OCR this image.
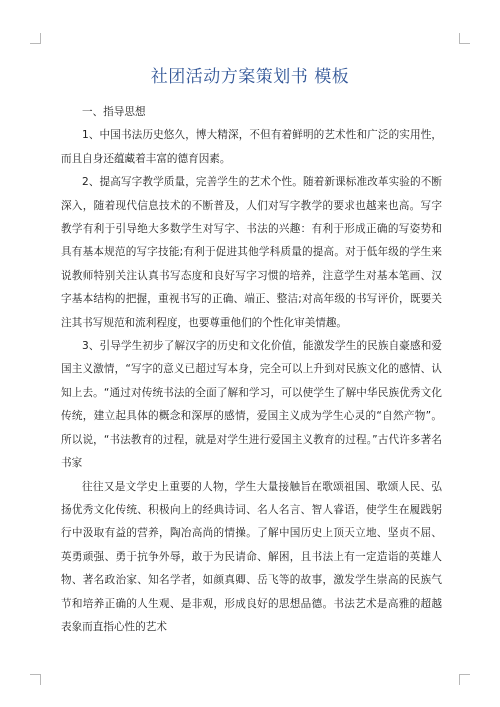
社团活动方案策划书 模板

一、指导思想

1、中国书法历史悠久，博大精深，不但有着鲜明的艺术性和广泛的实用性，而且自身还蕴藏着丰富的德育因素。

2、提高写字教学质量，完善学生的艺术个性。随着新课标准改革实验的不断深入，随着现代信息技术的不断普及，人们对写字教学的要求也越来也高。写字教学有利于引导绝大多数学生对写字、书法的兴趣：有利于形成正确的写姿势和具有基本规范的写字技能;有利于促进其他学科质量的提高。对于低年级的学生来说教师特别关注认真书写态度和良好写字习惯的培养，注意学生对基本笔画、汉字基本结构的把握，重视书写的正确、端正、整洁;对高年级的书写评价，既要关注其书写规范和流利程度，也要尊重他们的个性化审美情趣。

3、引导学生初步了解汉字的历史和文化价值，能激发学生的民族自豪感和爱国主义激情，“写字的意义已超过写本身，完全可以上升到对民族文化的感情、认知上去。“通过对传统书法的全面了解和学习，可以使学生了解中华民族优秀文化传统，建立起具体的概念和深厚的感情，爱国主义成为学生心灵的“自然产物”。所以说，“书法教育的过程，就是对学生进行爱国主义教育的过程。”古代许多著名书家

往往又是文学史上重要的人物，学生大量接触旨在歌颂祖国、歌颂人民、弘扬优秀文化传统、积极向上的经典诗词、名人名言、智人睿语，使学生在履践躬行中汲取有益的营养，陶冶高尚的情操。了解中国历史上顶天立地、坚贞不屈、英勇顽强、勇于抗争外辱，敢于为民请命、解困，且书法上有一定造诣的英雄人物、著名政治家、知名学者，如颜真卿、岳飞等的故事，激发学生崇高的民族气节和培养正确的人生观、是非观，形成良好的思想品德。书法艺术是高雅的超越表象而直指心性的艺术
